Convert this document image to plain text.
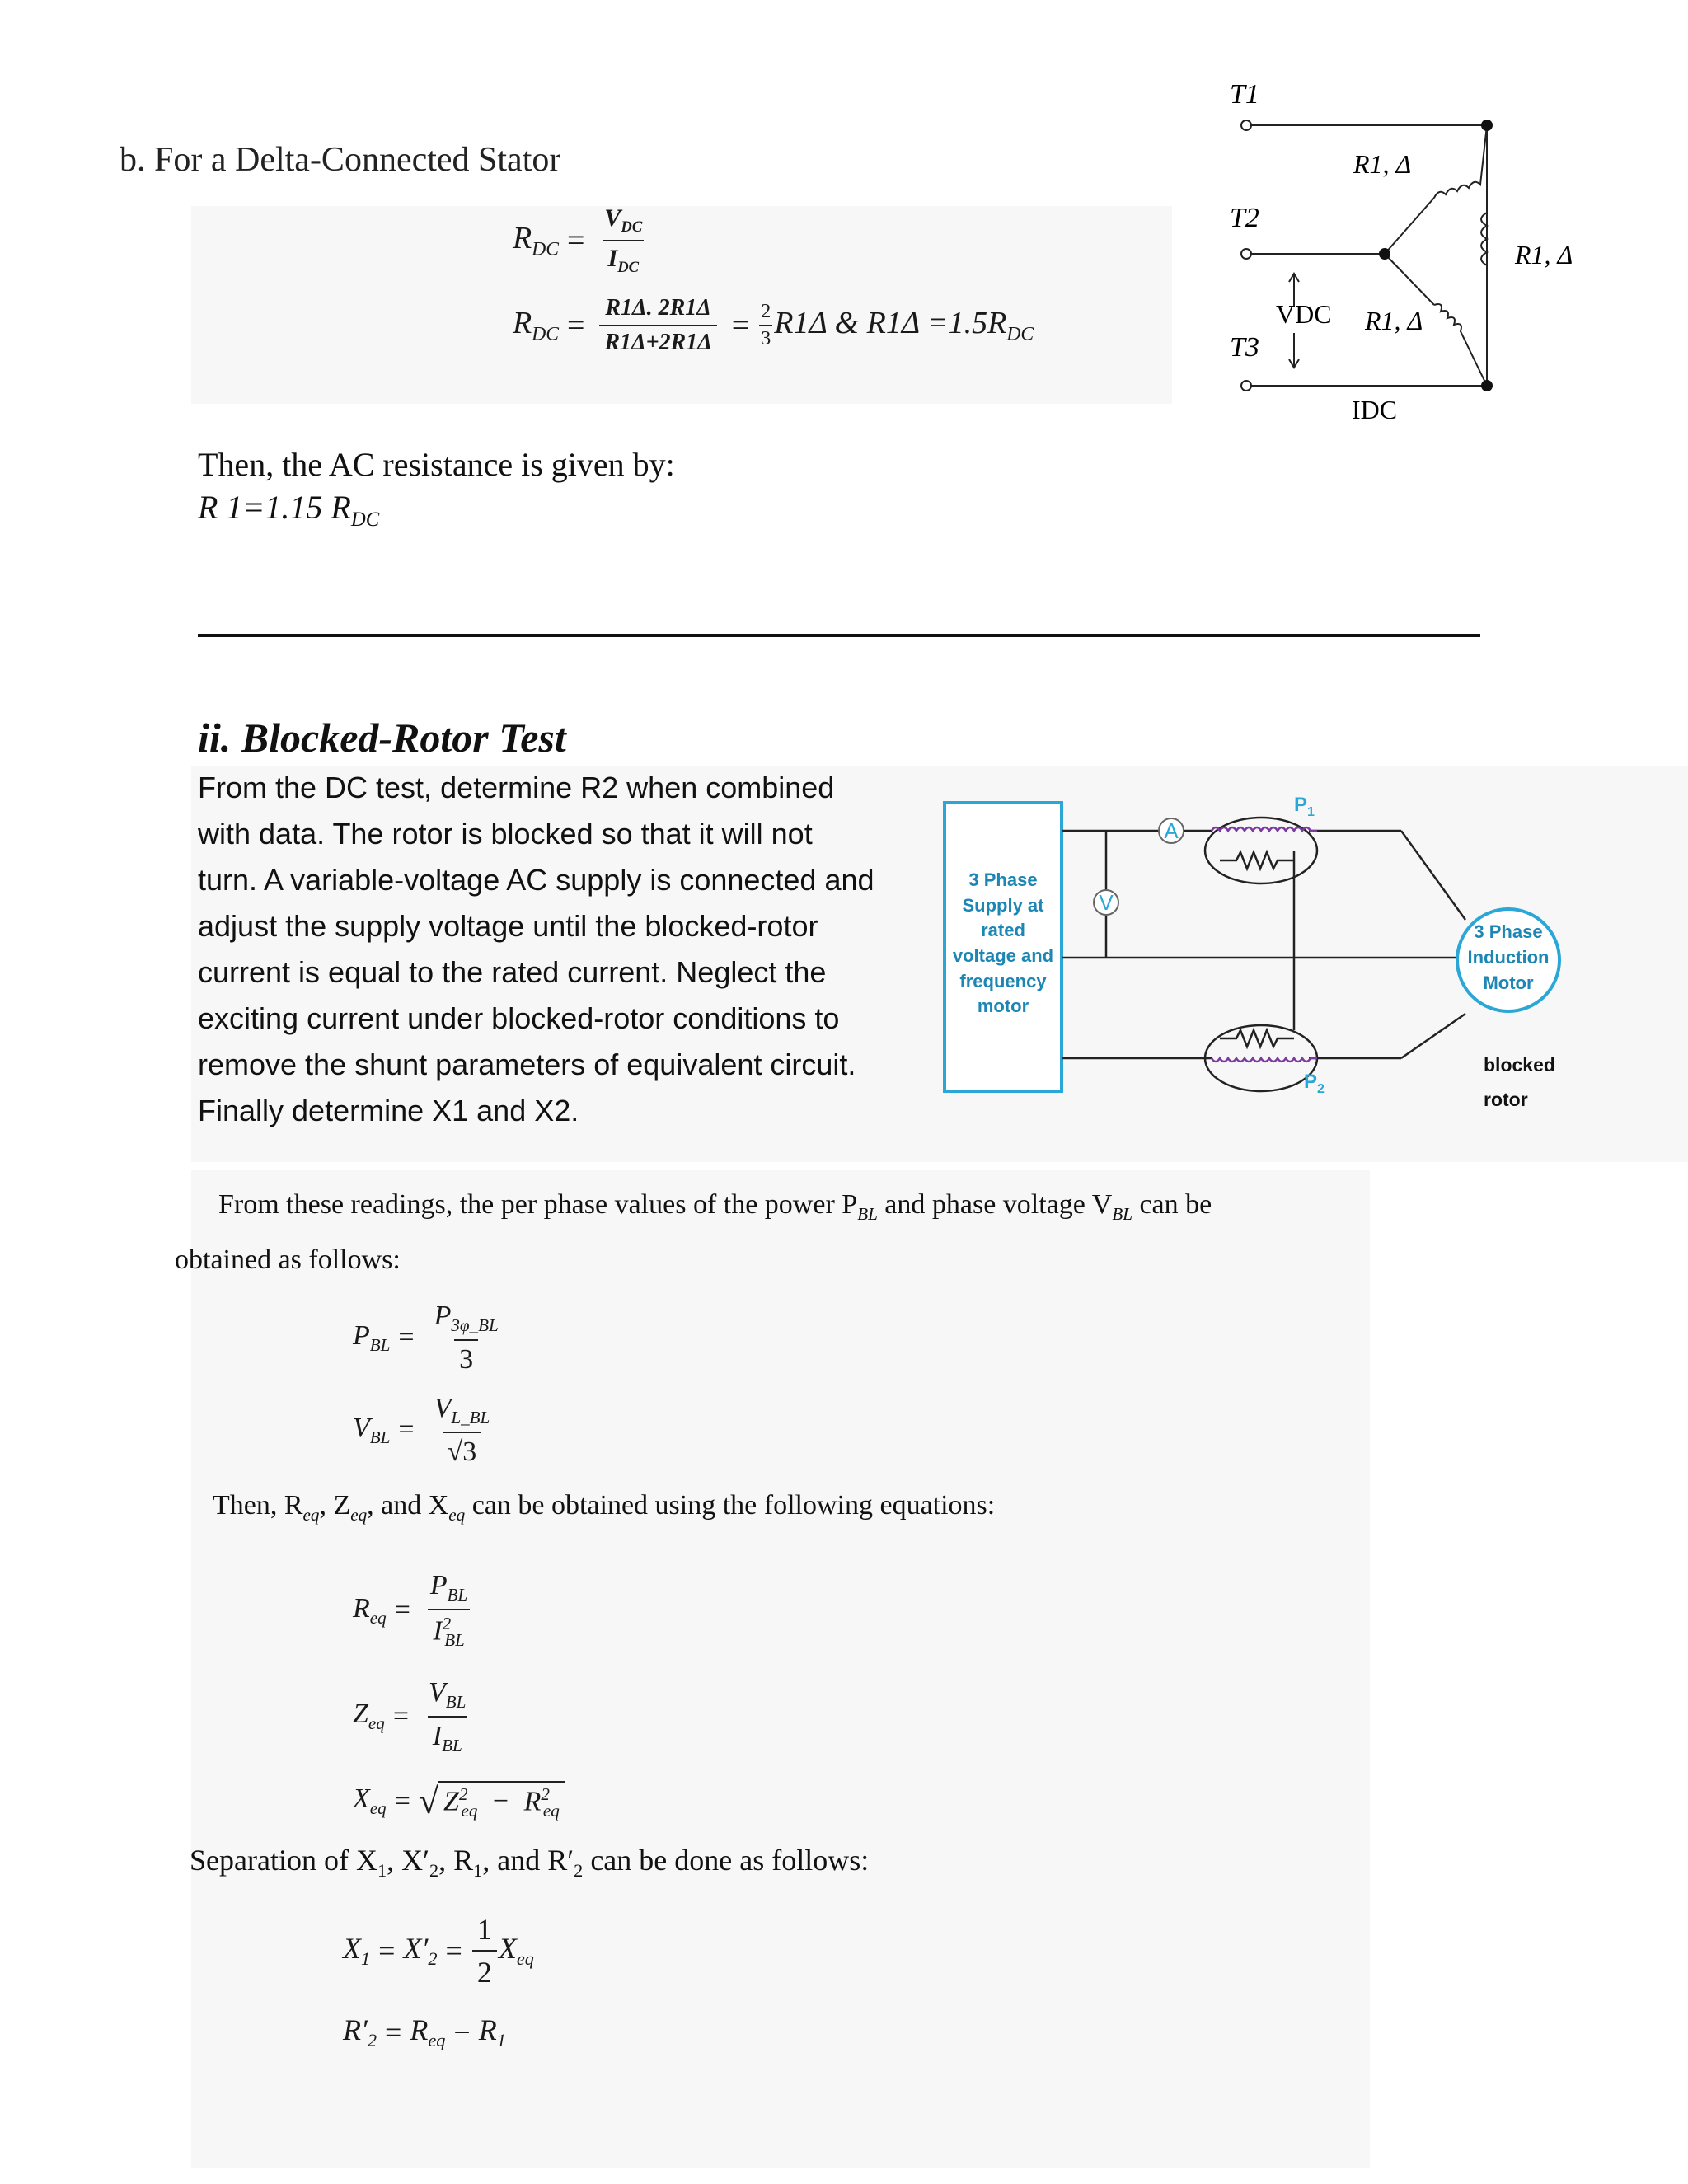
b. For a Delta-Connected Stator
$R_{DC} = \frac{V_{DC}}{I_{DC}}$
$R_{DC} = \frac{R1\Delta. 2R1\Delta}{R1\Delta+2R1\Delta} = \frac{2}{3} R1\Delta$ & $R1\Delta =1.5R_{DC}$
Then, the AC resistance is given by:
R 1=1.15 $R_{DC}$
T1
T2
T3
R1, Δ
R1, Δ
R1, Δ
VDC
IDC
ii. Blocked-Rotor Test
From the DC test, determine R2 when combined
with data. The rotor is blocked so that it will not
turn. A variable-voltage AC supply is connected and
adjust the supply voltage until the blocked-rotor
current is equal to the rated current. Neglect the
exciting current under blocked-rotor conditions to
remove the shunt parameters of equivalent circuit.
Finally determine X1 and X2.
3 Phase
Supply at
rated
voltage and
frequency
motor
A
V
$P_1$
$P_2$
3 Phase
Induction
Motor
blocked
rotor
From these readings, the per phase values of the power $P_{BL}$ and phase voltage $V_{BL}$ can be
obtained as follows:
$P_{BL} = \frac{P_{3\varphi\_BL}}{3}$
$V_{BL} = \frac{V_{L\_BL}}{√3}$
Then, $R_{eq}$, $Z_{eq}$, and $X_{eq}$ can be obtained using the following equations:
$R_{eq} = \frac{P_{BL}}{I^2_{BL}}$
$Z_{eq} = \frac{V_{BL}}{I_{BL}}$
$X_{eq}$ = √ $Z^2_{eq} - R^2_{eq}$
Separation of $X_1$, $X'_2$, $R_1$, and $R'_2$ can be done as follows:
$X_1 = X'_2 = \frac{1}{2} X_{eq}$
$R'_2 = R_{eq} - R_1$
